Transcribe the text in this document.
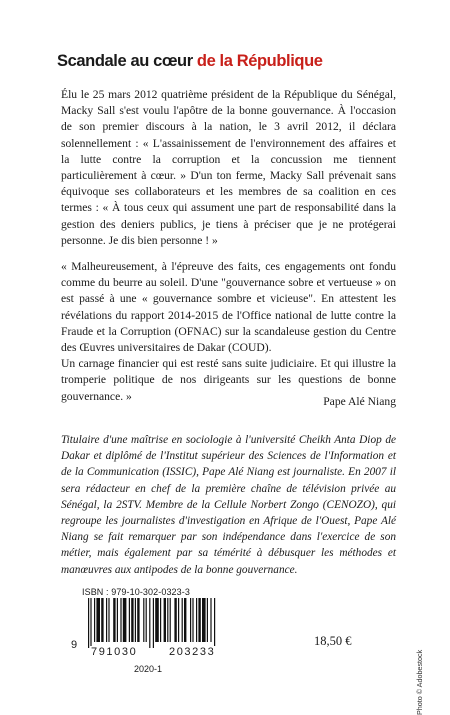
Scandale au cœur de la République

Élu le 25 mars 2012 quatrième président de la République du Sénégal, Macky Sall s'est voulu l'apôtre de la bonne gouvernance. À l'occasion de son premier discours à la nation, le 3 avril 2012, il déclara solennellement : « L'assainissement de l'environnement des affaires et la lutte contre la corruption et la concussion me tiennent particulièrement à cœur. » D'un ton ferme, Macky Sall prévenait sans équivoque ses collaborateurs et les membres de sa coalition en ces termes : « À tous ceux qui assument une part de responsabilité dans la gestion des deniers publics, je tiens à préciser que je ne protégerai personne. Je dis bien personne ! »

« Malheureusement, à l'épreuve des faits, ces engagements ont fondu comme du beurre au soleil. D'une "gouvernance sobre et vertueuse » on est passé à une « gouvernance sombre et vicieuse". En attestent les révélations du rapport 2014-2015 de l'Office national de lutte contre la Fraude et la Corruption (OFNAC) sur la scandaleuse gestion du Centre des Œuvres universitaires de Dakar (COUD).

Un carnage financier qui est resté sans suite judiciaire. Et qui illustre la tromperie politique de nos dirigeants sur les questions de bonne gouvernance. »	Pape Alé Niang

Titulaire d'une maîtrise en sociologie à l'université Cheikh Anta Diop de Dakar et diplômé de l'Institut supérieur des Sciences de l'Information et de la Communication (ISSIC), Pape Alé Niang est journaliste. En 2007 il sera rédacteur en chef de la première chaîne de télévision privée au Sénégal, la 2STV. Membre de la Cellule Norbert Zongo (CENOZO), qui regroupe les journalistes d'investigation en Afrique de l'Ouest, Pape Alé Niang se fait remarquer par son indépendance dans l'exercice de son métier, mais également par sa témérité à débusquer les méthodes et manœuvres aux antipodes de la bonne gouvernance.

ISBN : 979-10-302-0323-3
9
791030	203233
2020-1
18,50 €
Photo © Adobestock
